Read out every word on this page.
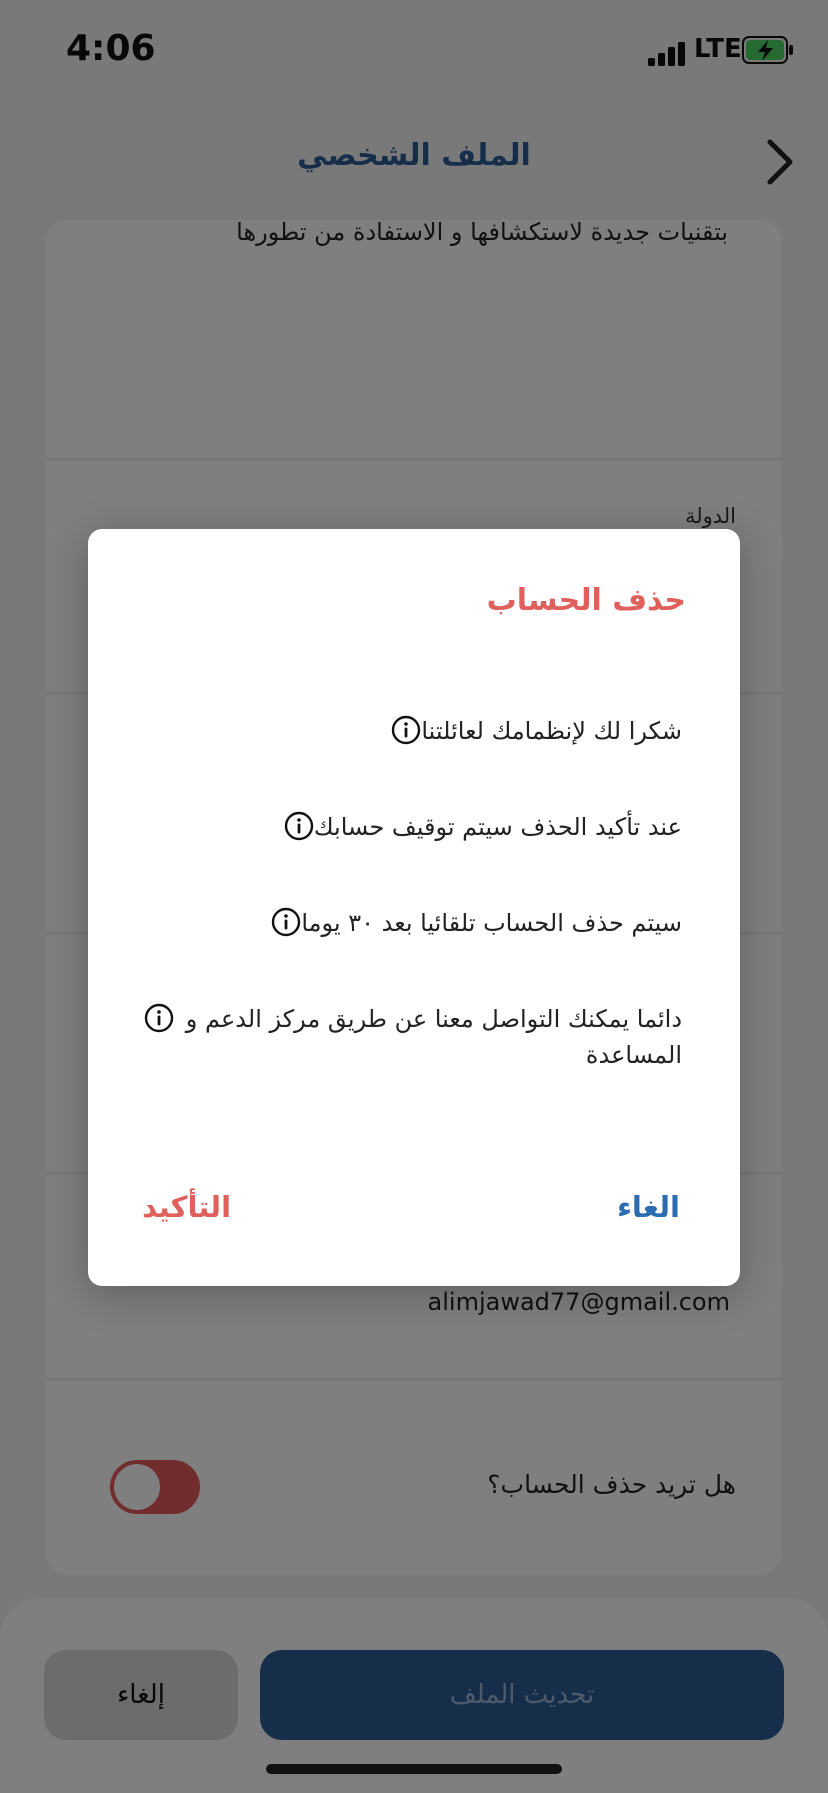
حذف الحساب
شكرا لك لإنظمامك لعائلتنا
عند تأكيد الحذف سيتم توقيف حسابك
سيتم حذف الحساب تلقائيا بعد ٣٠ يوما
دائما يمكنك التواصل معنا عن طريق مركز الدعم و المساعدة
الغاء
التأكيد
